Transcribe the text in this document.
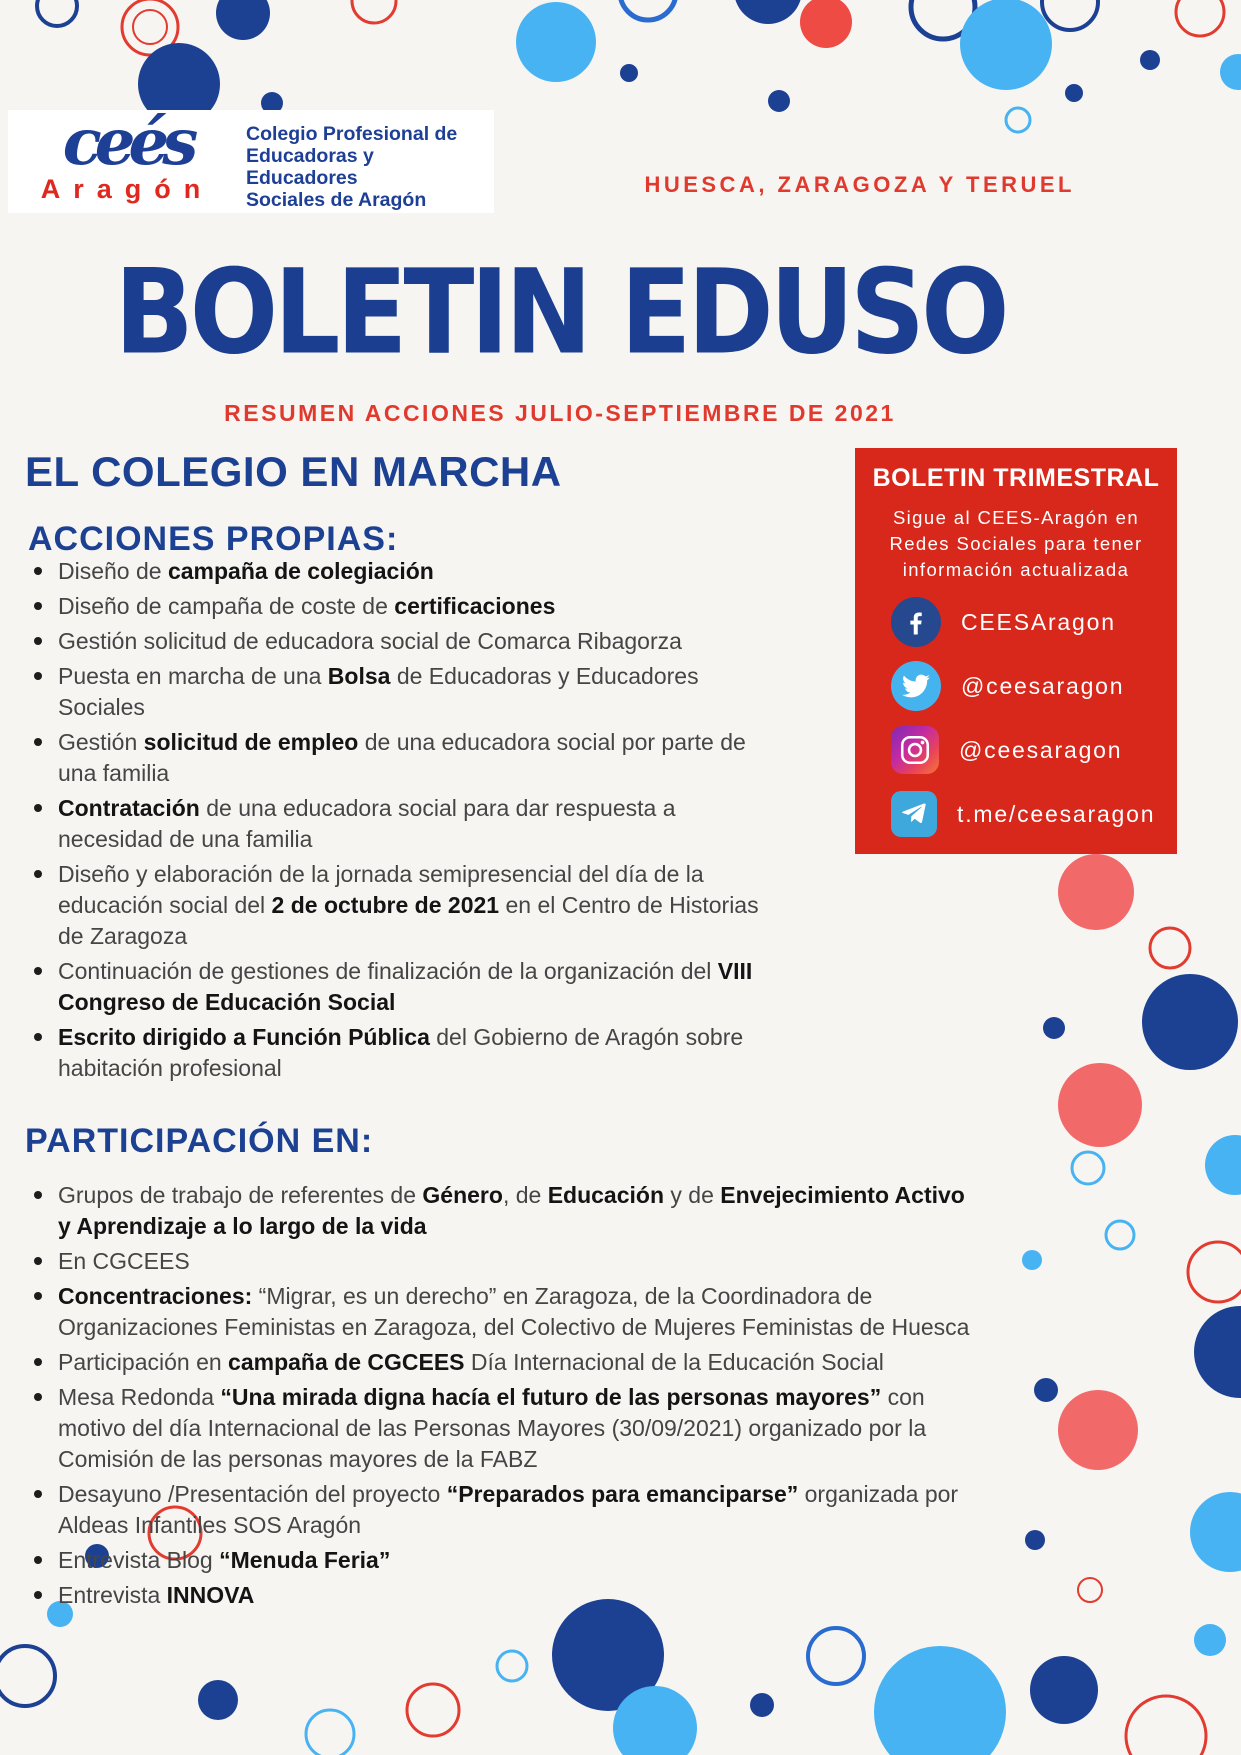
ceés
Aragón
Colegio Profesional de
Educadoras y
Educadores
Sociales de Aragón
HUESCA, ZARAGOZA Y TERUEL
BOLETIN EDUSO
RESUMEN ACCIONES JULIO-SEPTIEMBRE DE 2021
EL COLEGIO EN MARCHA
ACCIONES PROPIAS:
Diseño de campaña de colegiación
Diseño de campaña de coste de certificaciones
Gestión solicitud de educadora social de Comarca Ribagorza
Puesta en marcha de una Bolsa de Educadoras y Educadores Sociales
Gestión solicitud de empleo de una educadora social por parte de una familia
Contratación de una educadora social para dar respuesta a necesidad de una familia
Diseño y elaboración de la jornada semipresencial del día de la educación social del 2 de octubre de 2021 en el Centro de Historias de Zaragoza
Continuación de gestiones de finalización de la organización del VIII Congreso de Educación Social
Escrito dirigido a Función Pública del Gobierno de Aragón sobre habitación profesional
PARTICIPACIÓN EN:
Grupos de trabajo de referentes de Género, de Educación y de Envejecimiento Activo y Aprendizaje a lo largo de la vida
En CGCEES
Concentraciones: “Migrar, es un derecho” en Zaragoza, de la Coordinadora de Organizaciones Feministas en Zaragoza, del Colectivo de Mujeres Feministas de Huesca
Participación en campaña de CGCEES Día Internacional de la Educación Social
Mesa Redonda “Una mirada digna hacía el futuro de las personas mayores” con motivo del día Internacional de las Personas Mayores (30/09/2021) organizado por la Comisión de las personas mayores de la FABZ
Desayuno /Presentación del proyecto “Preparados para emanciparse” organizada por Aldeas Infantiles SOS Aragón
Entrevista Blog “Menuda Feria”
Entrevista INNOVA
BOLETIN TRIMESTRAL
Sigue al CEES-Aragón en Redes Sociales para tener información actualizada
CEESAragon
@ceesaragon
@ceesaragon
t.me/ceesaragon
